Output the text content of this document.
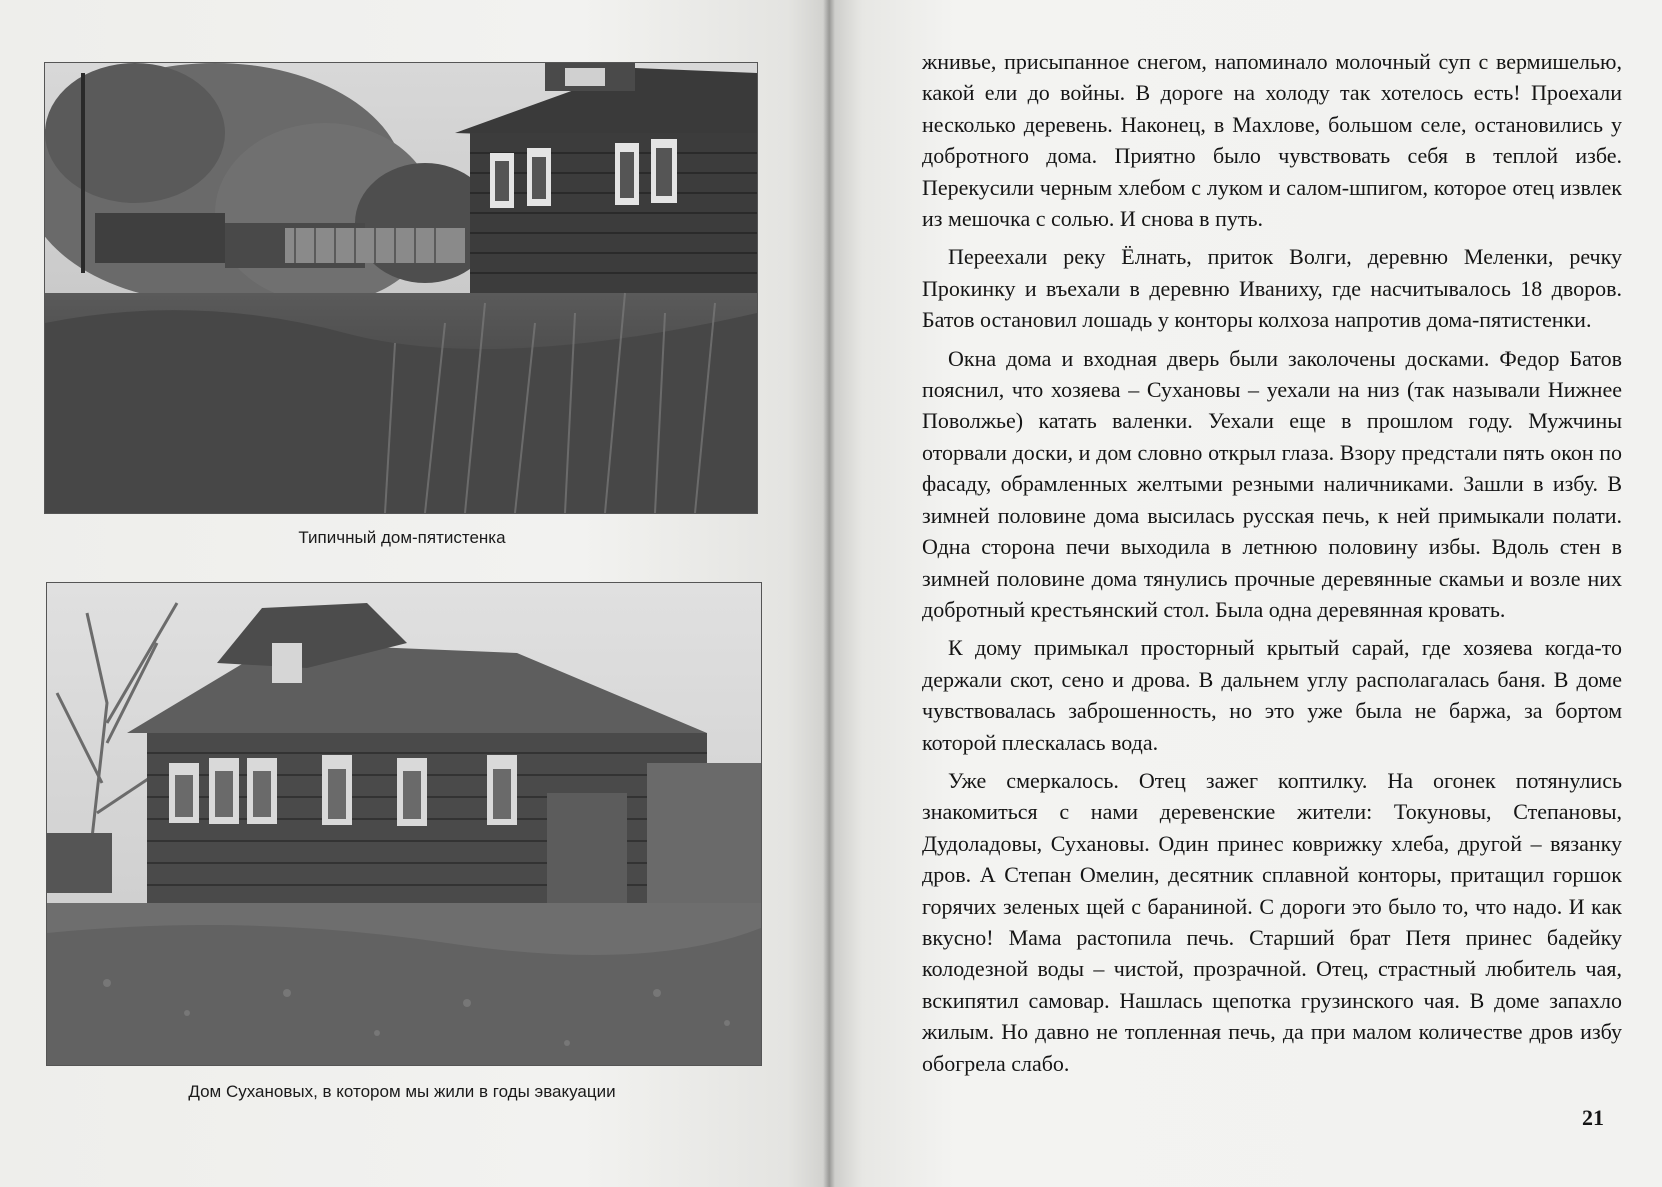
Типичный дом-пятистенка
Дом Сухановых, в котором мы жили в годы эвакуации

жнивье, присыпанное снегом, напоминало молочный суп с вермишелью, какой ели до войны. В дороге на холоду так хотелось есть! Проехали несколько деревень. Наконец, в Махлове, большом селе, остановились у добротного дома. Приятно было чувствовать себя в теплой избе. Перекусили черным хлебом с луком и салом-шпигом, которое отец извлек из мешочка с солью. И снова в путь.

Переехали реку Ёлнать, приток Волги, деревню Меленки, речку Прокинку и въехали в деревню Иваниху, где насчитывалось 18 дворов. Батов остановил лошадь у конторы колхоза напротив дома-пятистенки.

Окна дома и входная дверь были заколочены досками. Федор Батов пояснил, что хозяева – Сухановы – уехали на низ (так называли Нижнее Поволжье) катать валенки. Уехали еще в прошлом году. Мужчины оторвали доски, и дом словно открыл глаза. Взору предстали пять окон по фасаду, обрамленных желтыми резными наличниками. Зашли в избу. В зимней половине дома высилась русская печь, к ней примыкали полати. Одна сторона печи выходила в летнюю половину избы. Вдоль стен в зимней половине дома тянулись прочные деревянные скамьи и возле них добротный крестьянский стол. Была одна деревянная кровать.

К дому примыкал просторный крытый сарай, где хозяева когда-то держали скот, сено и дрова. В дальнем углу располагалась баня. В доме чувствовалась заброшенность, но это уже была не баржа, за бортом которой плескалась вода.

Уже смеркалось. Отец зажег коптилку. На огонек потянулись знакомиться с нами деревенские жители: Токуновы, Степановы, Дудоладовы, Сухановы. Один принес коврижку хлеба, другой – вязанку дров. А Степан Омелин, десятник сплавной конторы, притащил горшок горячих зеленых щей с бараниной. С дороги это было то, что надо. И как вкусно! Мама растопила печь. Старший брат Петя принес бадейку колодезной воды – чистой, прозрачной. Отец, страстный любитель чая, вскипятил самовар. Нашлась щепотка грузинского чая. В доме запахло жилым. Но давно не топленная печь, да при малом количестве дров избу обогрела слабо.

21
